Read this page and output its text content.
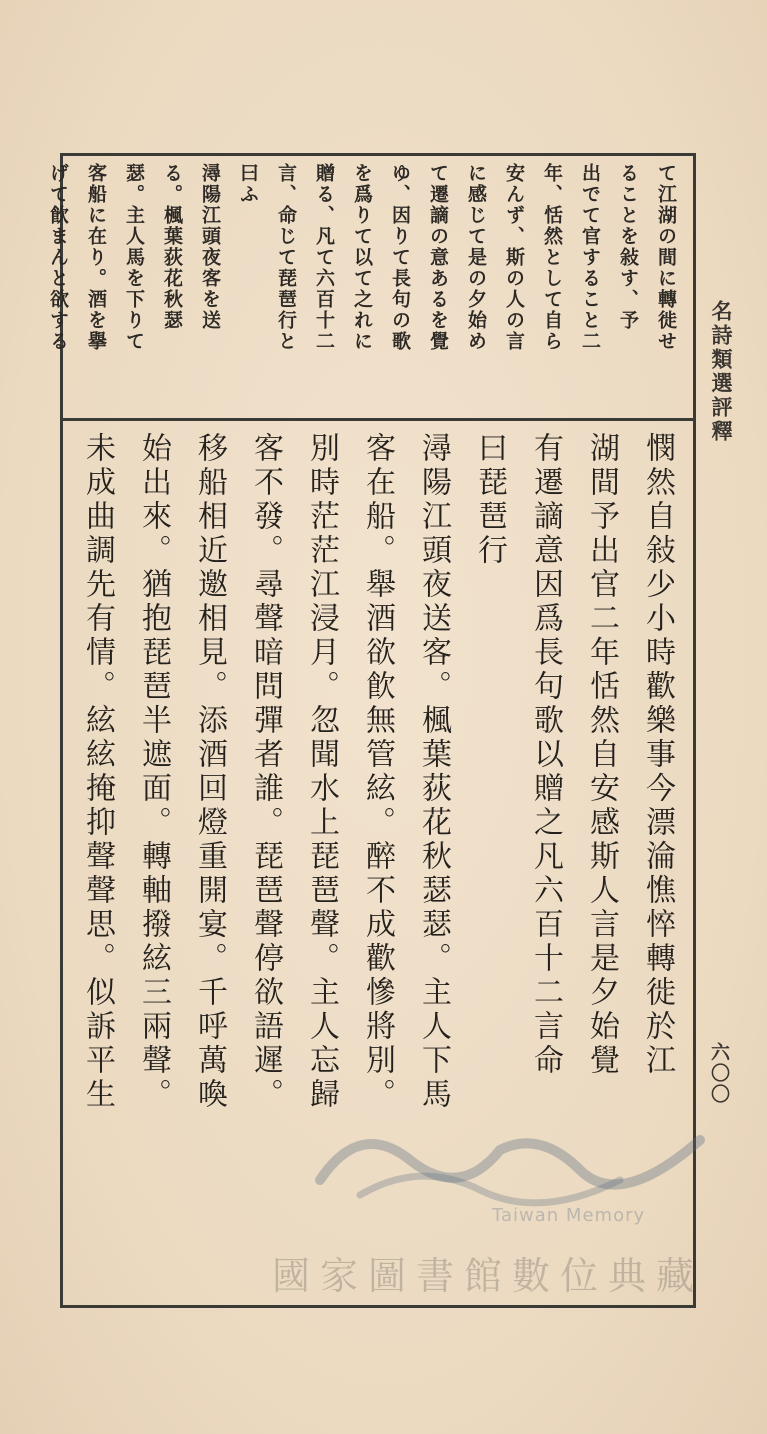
名詩類選評釋
六〇〇
て江湖の間に轉徙せ
ることを敍す、予
出でて官すること二
年、恬然として自ら
安んず、斯の人の言
に感じて是の夕始め
て遷謫の意あるを覺
ゆ、因りて長句の歌
を爲りて以て之れに
贈る、凡て六百十二
言、命じて琵琶行と
曰ふ
潯陽江頭夜客を送
る。楓葉荻花秋瑟
瑟。主人馬を下りて
客船に在り。酒を擧
げて飮まんと欲する
憫然自敍少小時歡樂事今漂淪憔悴轉徙於江
湖間予出官二年恬然自安感斯人言是夕始覺
有遷謫意因爲長句歌以贈之凡六百十二言命
曰琵琶行
潯陽江頭夜送客。楓葉荻花秋瑟瑟。主人下馬
客在船。舉酒欲飮無管絃。醉不成歡慘將別。
別時茫茫江浸月。忽聞水上琵琶聲。主人忘歸
客不發。尋聲暗問彈者誰。琵琶聲停欲語遲。
移船相近邀相見。添酒回燈重開宴。千呼萬喚
始出來。猶抱琵琶半遮面。轉軸撥絃三兩聲。
未成曲調先有情。絃絃掩抑聲聲思。似訴平生
Taiwan Memory
國家圖書館數位典藏
